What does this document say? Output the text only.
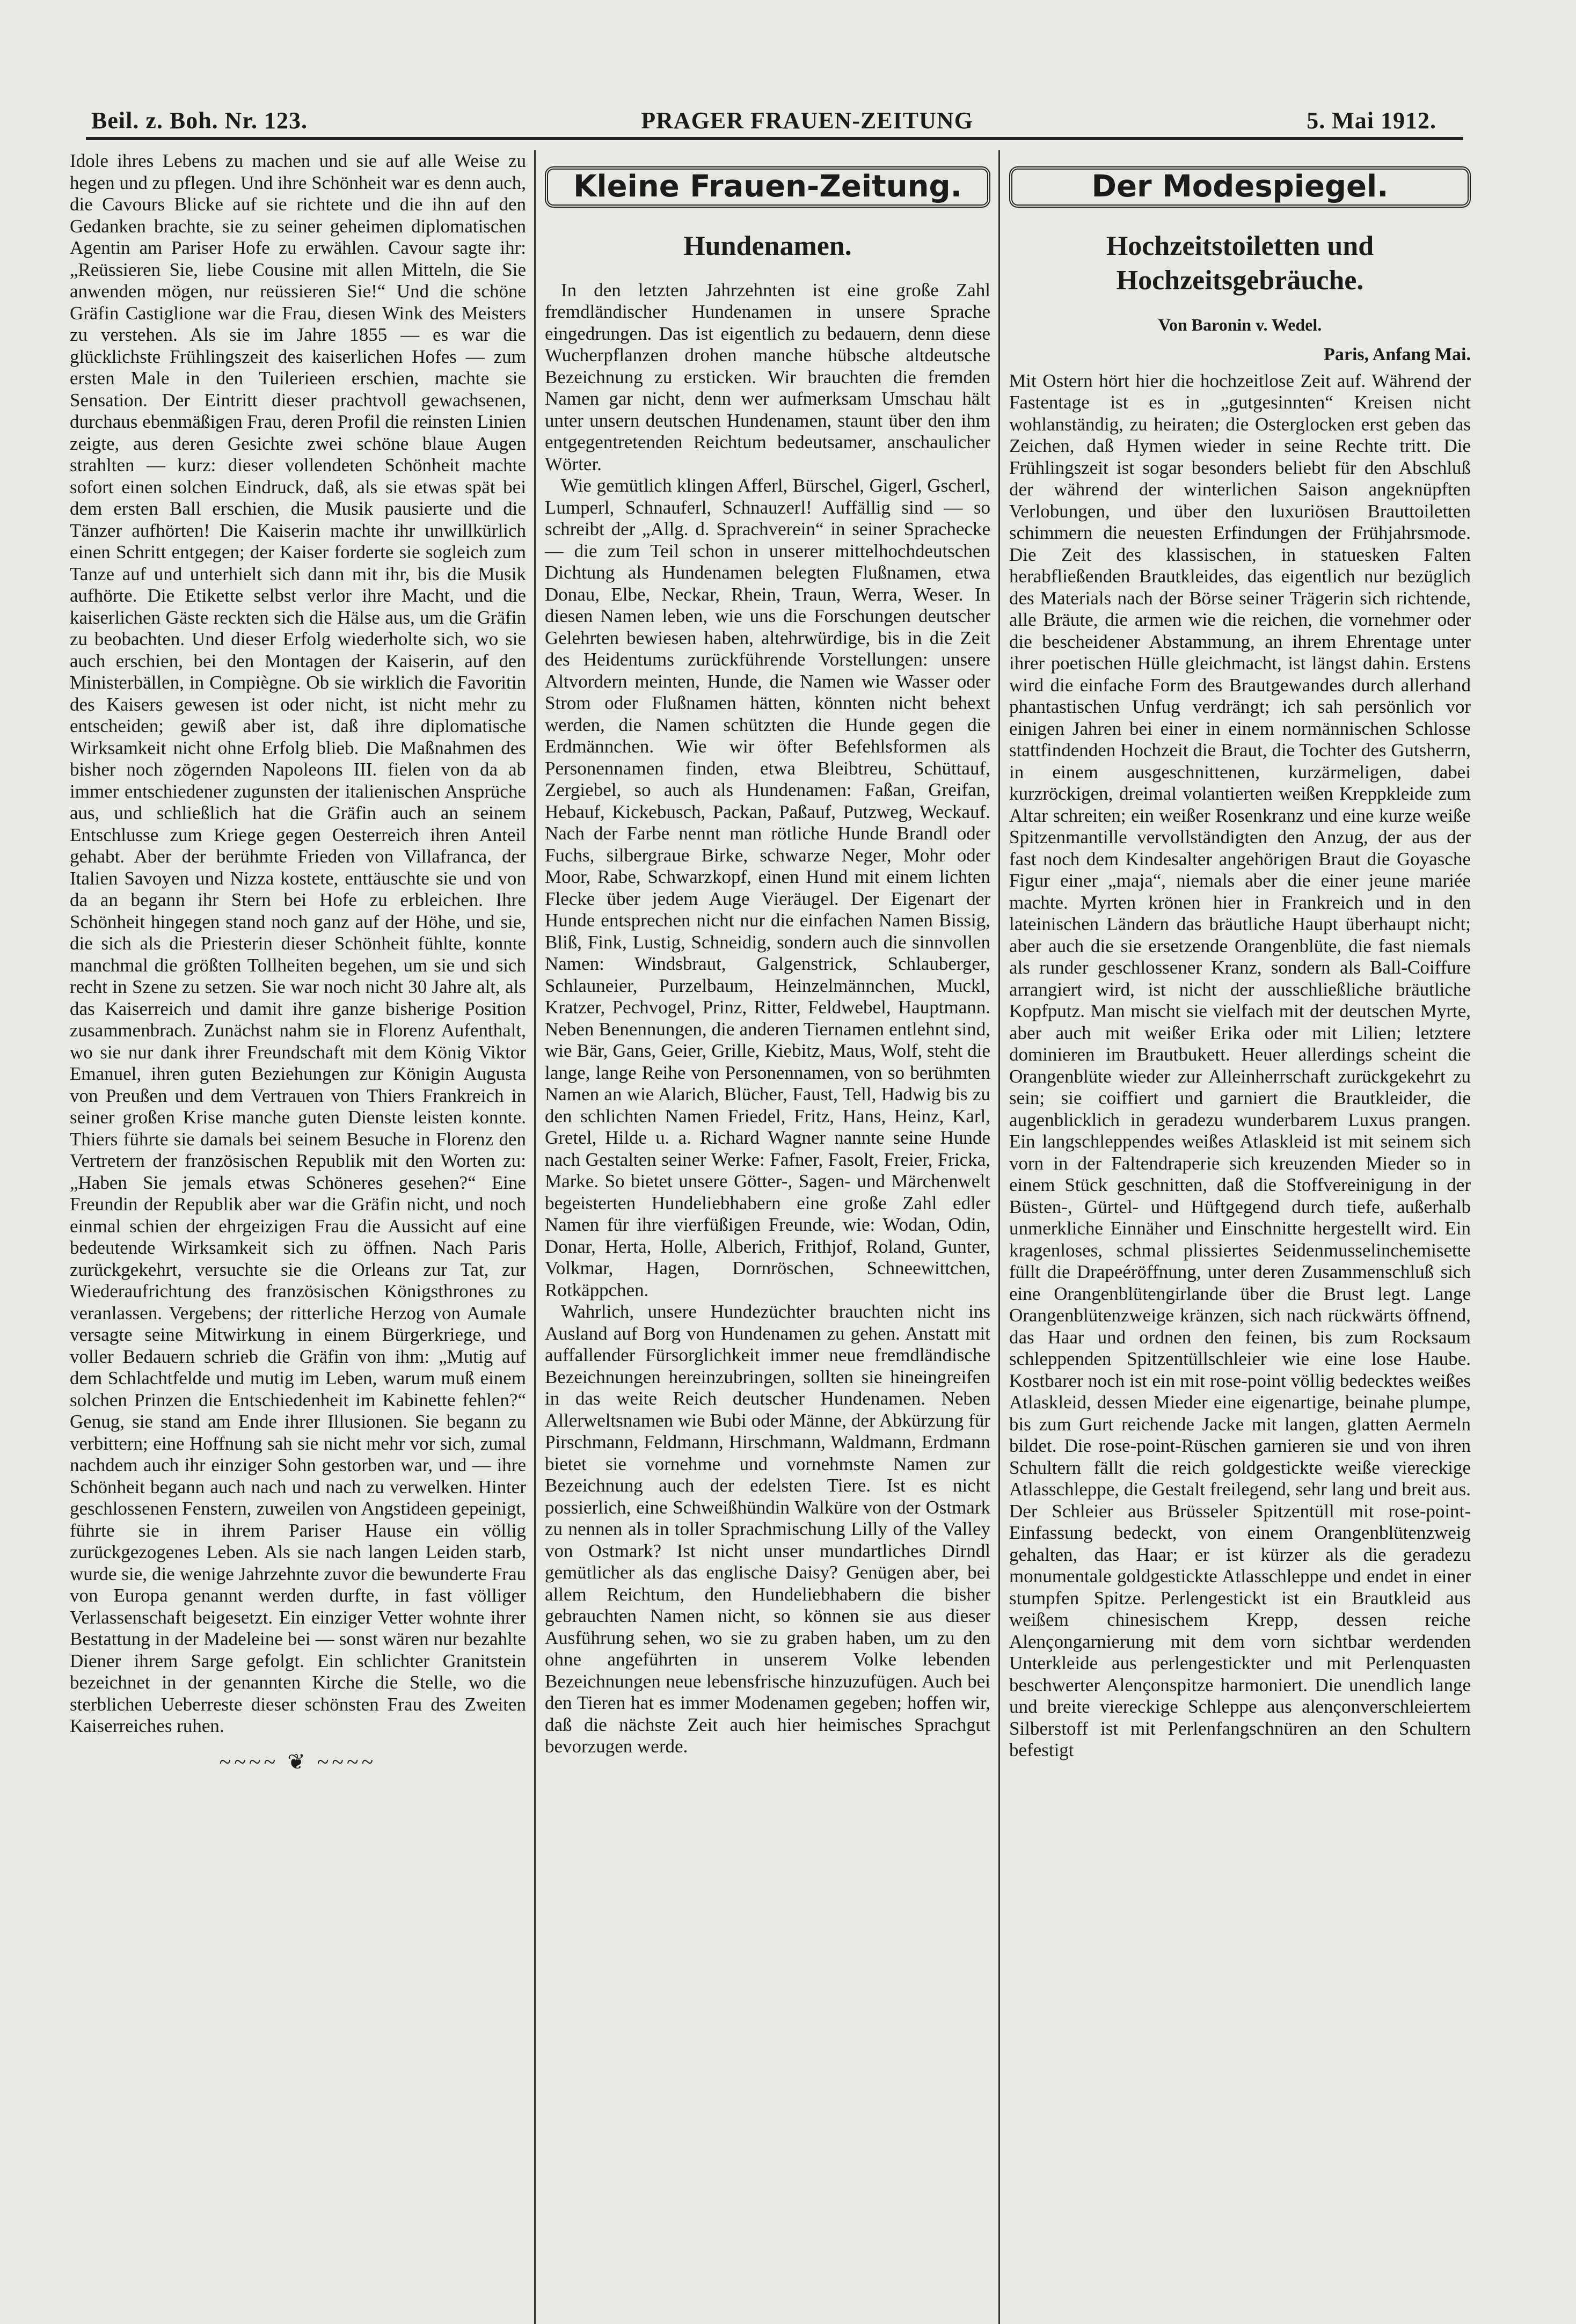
Beil. z. Boh. Nr. 123.	PRAGER FRAUEN-ZEITUNG	5. Mai 1912.

Idole ihres Lebens zu machen und sie auf alle Weise zu hegen und zu pflegen. Und ihre Schönheit war es denn auch, die Cavours Blicke auf sie richtete und die ihn auf den Gedanken brachte, sie zu seiner geheimen diplomatischen Agentin am Pariser Hofe zu erwählen. Cavour sagte ihr: „Reüssieren Sie, liebe Cousine mit allen Mitteln, die Sie anwenden mögen, nur reüssieren Sie!“ Und die schöne Gräfin Castiglione war die Frau, diesen Wink des Meisters zu verstehen. Als sie im Jahre 1855 — es war die glücklichste Frühlingszeit des kaiserlichen Hofes — zum ersten Male in den Tuilerieen erschien, machte sie Sensation. Der Eintritt dieser prachtvoll gewachsenen, durchaus ebenmäßigen Frau, deren Profil die reinsten Linien zeigte, aus deren Gesichte zwei schöne blaue Augen strahlten — kurz: dieser vollendeten Schönheit machte sofort einen solchen Eindruck, daß, als sie etwas spät bei dem ersten Ball erschien, die Musik pausierte und die Tänzer aufhörten! Die Kaiserin machte ihr unwillkürlich einen Schritt entgegen; der Kaiser forderte sie sogleich zum Tanze auf und unterhielt sich dann mit ihr, bis die Musik aufhörte. Die Etikette selbst verlor ihre Macht, und die kaiserlichen Gäste reckten sich die Hälse aus, um die Gräfin zu beobachten. Und dieser Erfolg wiederholte sich, wo sie auch erschien, bei den Montagen der Kaiserin, auf den Ministerbällen, in Compiègne. Ob sie wirklich die Favoritin des Kaisers gewesen ist oder nicht, ist nicht mehr zu entscheiden; gewiß aber ist, daß ihre diplomatische Wirksamkeit nicht ohne Erfolg blieb. Die Maßnahmen des bisher noch zögernden Napoleons III. fielen von da ab immer entschiedener zugunsten der italienischen Ansprüche aus, und schließlich hat die Gräfin auch an seinem Entschlusse zum Kriege gegen Oesterreich ihren Anteil gehabt. Aber der berühmte Frieden von Villafranca, der Italien Savoyen und Nizza kostete, enttäuschte sie und von da an begann ihr Stern bei Hofe zu erbleichen. Ihre Schönheit hingegen stand noch ganz auf der Höhe, und sie, die sich als die Priesterin dieser Schönheit fühlte, konnte manchmal die größten Tollheiten begehen, um sie und sich recht in Szene zu setzen. Sie war noch nicht 30 Jahre alt, als das Kaiserreich und damit ihre ganze bisherige Position zusammenbrach. Zunächst nahm sie in Florenz Aufenthalt, wo sie nur dank ihrer Freundschaft mit dem König Viktor Emanuel, ihren guten Beziehungen zur Königin Augusta von Preußen und dem Vertrauen von Thiers Frankreich in seiner großen Krise manche guten Dienste leisten konnte. Thiers führte sie damals bei seinem Besuche in Florenz den Vertretern der französischen Republik mit den Worten zu: „Haben Sie jemals etwas Schöneres gesehen?“ Eine Freundin der Republik aber war die Gräfin nicht, und noch einmal schien der ehrgeizigen Frau die Aussicht auf eine bedeutende Wirksamkeit sich zu öffnen. Nach Paris zurückgekehrt, versuchte sie die Orleans zur Tat, zur Wiederaufrichtung des französischen Königsthrones zu veranlassen. Vergebens; der ritterliche Herzog von Aumale versagte seine Mitwirkung in einem Bürgerkriege, und voller Bedauern schrieb die Gräfin von ihm: „Mutig auf dem Schlachtfelde und mutig im Leben, warum muß einem solchen Prinzen die Entschiedenheit im Kabinette fehlen?“ Genug, sie stand am Ende ihrer Illusionen. Sie begann zu verbittern; eine Hoffnung sah sie nicht mehr vor sich, zumal nachdem auch ihr einziger Sohn gestorben war, und — ihre Schönheit begann auch nach und nach zu verwelken. Hinter geschlossenen Fenstern, zuweilen von Angstideen gepeinigt, führte sie in ihrem Pariser Hause ein völlig zurückgezogenes Leben. Als sie nach langen Leiden starb, wurde sie, die wenige Jahrzehnte zuvor die bewunderte Frau von Europa genannt werden durfte, in fast völliger Verlassenschaft beigesetzt. Ein einziger Vetter wohnte ihrer Bestattung in der Madeleine bei — sonst wären nur bezahlte Diener ihrem Sarge gefolgt. Ein schlichter Granitstein bezeichnet in der genannten Kirche die Stelle, wo die sterblichen Ueberreste dieser schönsten Frau des Zweiten Kaiserreiches ruhen.

~~~~ ❦ ~~~~
Kleine Frauen-Zeitung.
Hundenamen.

In den letzten Jahrzehnten ist eine große Zahl fremdländischer Hundenamen in unsere Sprache eingedrungen. Das ist eigentlich zu bedauern, denn diese Wucherpflanzen drohen manche hübsche altdeutsche Bezeichnung zu ersticken. Wir brauchten die fremden Namen gar nicht, denn wer aufmerksam Umschau hält unter unsern deutschen Hundenamen, staunt über den ihm entgegentretenden Reichtum bedeutsamer, anschaulicher Wörter.

Wie gemütlich klingen Afferl, Bürschel, Gigerl, Gscherl, Lumperl, Schnauferl, Schnauzerl! Auffällig sind — so schreibt der „Allg. d. Sprachverein“ in seiner Sprachecke — die zum Teil schon in unserer mittelhochdeutschen Dichtung als Hundenamen belegten Flußnamen, etwa Donau, Elbe, Neckar, Rhein, Traun, Werra, Weser. In diesen Namen leben, wie uns die Forschungen deutscher Gelehrten bewiesen haben, altehrwürdige, bis in die Zeit des Heidentums zurückführende Vorstellungen: unsere Altvordern meinten, Hunde, die Namen wie Wasser oder Strom oder Flußnamen hätten, könnten nicht behext werden, die Namen schützten die Hunde gegen die Erdmännchen. Wie wir öfter Befehlsformen als Personennamen finden, etwa Bleibtreu, Schüttauf, Zergiebel, so auch als Hundenamen: Faßan, Greifan, Hebauf, Kickebusch, Packan, Paßauf, Putzweg, Weckauf. Nach der Farbe nennt man rötliche Hunde Brandl oder Fuchs, silbergraue Birke, schwarze Neger, Mohr oder Moor, Rabe, Schwarzkopf, einen Hund mit einem lichten Flecke über jedem Auge Vieräugel. Der Eigenart der Hunde entsprechen nicht nur die einfachen Namen Bissig, Bliß, Fink, Lustig, Schneidig, sondern auch die sinnvollen Namen: Windsbraut, Galgenstrick, Schlauberger, Schlauneier, Purzelbaum, Heinzelmännchen, Muckl, Kratzer, Pechvogel, Prinz, Ritter, Feldwebel, Hauptmann. Neben Benennungen, die anderen Tiernamen entlehnt sind, wie Bär, Gans, Geier, Grille, Kiebitz, Maus, Wolf, steht die lange, lange Reihe von Personennamen, von so berühmten Namen an wie Alarich, Blücher, Faust, Tell, Hadwig bis zu den schlichten Namen Friedel, Fritz, Hans, Heinz, Karl, Gretel, Hilde u. a. Richard Wagner nannte seine Hunde nach Gestalten seiner Werke: Fafner, Fasolt, Freier, Fricka, Marke. So bietet unsere Götter-, Sagen- und Märchenwelt begeisterten Hundeliebhabern eine große Zahl edler Namen für ihre vierfüßigen Freunde, wie: Wodan, Odin, Donar, Herta, Holle, Alberich, Frithjof, Roland, Gunter, Volkmar, Hagen, Dornröschen, Schneewittchen, Rotkäppchen.

Wahrlich, unsere Hundezüchter brauchten nicht ins Ausland auf Borg von Hundenamen zu gehen. Anstatt mit auffallender Fürsorglichkeit immer neue fremdländische Bezeichnungen hereinzubringen, sollten sie hineingreifen in das weite Reich deutscher Hundenamen. Neben Allerweltsnamen wie Bubi oder Männe, der Abkürzung für Pirschmann, Feldmann, Hirschmann, Waldmann, Erdmann bietet sie vornehme und vornehmste Namen zur Bezeichnung auch der edelsten Tiere. Ist es nicht possierlich, eine Schweißhündin Walküre von der Ostmark zu nennen als in toller Sprachmischung Lilly of the Valley von Ostmark? Ist nicht unser mundartliches Dirndl gemütlicher als das englische Daisy? Genügen aber, bei allem Reichtum, den Hundeliebhabern die bisher gebrauchten Namen nicht, so können sie aus dieser Ausführung sehen, wo sie zu graben haben, um zu den ohne angeführten in unserem Volke lebenden Bezeichnungen neue lebensfrische hinzuzufügen. Auch bei den Tieren hat es immer Modenamen gegeben; hoffen wir, daß die nächste Zeit auch hier heimisches Sprachgut bevorzugen werde.

Der Modespiegel.
Hochzeitstoiletten und Hochzeitsgebräuche.
Von Baronin v. Wedel.
Paris, Anfang Mai.

Mit Ostern hört hier die hochzeitlose Zeit auf. Während der Fastentage ist es in „gutgesinnten“ Kreisen nicht wohlanständig, zu heiraten; die Osterglocken erst geben das Zeichen, daß Hymen wieder in seine Rechte tritt. Die Frühlingszeit ist sogar besonders beliebt für den Abschluß der während der winterlichen Saison angeknüpften Verlobungen, und über den luxuriösen Brauttoiletten schimmern die neuesten Erfindungen der Frühjahrsmode. Die Zeit des klassischen, in statuesken Falten herabfließenden Brautkleides, das eigentlich nur bezüglich des Materials nach der Börse seiner Trägerin sich richtende, alle Bräute, die armen wie die reichen, die vornehmer oder die bescheidener Abstammung, an ihrem Ehrentage unter ihrer poetischen Hülle gleichmacht, ist längst dahin. Erstens wird die einfache Form des Brautgewandes durch allerhand phantastischen Unfug verdrängt; ich sah persönlich vor einigen Jahren bei einer in einem normännischen Schlosse stattfindenden Hochzeit die Braut, die Tochter des Gutsherrn, in einem ausgeschnittenen, kurzärmeligen, dabei kurzröckigen, dreimal volantierten weißen Kreppkleide zum Altar schreiten; ein weißer Rosenkranz und eine kurze weiße Spitzenmantille vervollständigten den Anzug, der aus der fast noch dem Kindesalter angehörigen Braut die Goyasche Figur einer „maja“, niemals aber die einer jeune mariée machte. Myrten krönen hier in Frankreich und in den lateinischen Ländern das bräutliche Haupt überhaupt nicht; aber auch die sie ersetzende Orangenblüte, die fast niemals als runder geschlossener Kranz, sondern als Ball-Coiffure arrangiert wird, ist nicht der ausschließliche bräutliche Kopfputz. Man mischt sie vielfach mit der deutschen Myrte, aber auch mit weißer Erika oder mit Lilien; letztere dominieren im Brautbukett. Heuer allerdings scheint die Orangenblüte wieder zur Alleinherrschaft zurückgekehrt zu sein; sie coiffiert und garniert die Brautkleider, die augenblicklich in geradezu wunderbarem Luxus prangen. Ein langschleppendes weißes Atlaskleid ist mit seinem sich vorn in der Faltendraperie sich kreuzenden Mieder so in einem Stück geschnitten, daß die Stoffvereinigung in der Büsten-, Gürtel- und Hüftgegend durch tiefe, außerhalb unmerkliche Einnäher und Einschnitte hergestellt wird. Ein kragenloses, schmal plissiertes Seidenmusselinchemisette füllt die Drapeéröffnung, unter deren Zusammenschluß sich eine Orangenblütengirlande über die Brust legt. Lange Orangenblütenzweige kränzen, sich nach rückwärts öffnend, das Haar und ordnen den feinen, bis zum Rocksaum schleppenden Spitzentüllschleier wie eine lose Haube. Kostbarer noch ist ein mit rose-point völlig bedecktes weißes Atlaskleid, dessen Mieder eine eigenartige, beinahe plumpe, bis zum Gurt reichende Jacke mit langen, glatten Aermeln bildet. Die rose-point-Rüschen garnieren sie und von ihren Schultern fällt die reich goldgestickte weiße viereckige Atlasschleppe, die Gestalt freilegend, sehr lang und breit aus. Der Schleier aus Brüsseler Spitzentüll mit rose-point-Einfassung bedeckt, von einem Orangenblütenzweig gehalten, das Haar; er ist kürzer als die geradezu monumentale goldgestickte Atlasschleppe und endet in einer stumpfen Spitze. Perlengestickt ist ein Brautkleid aus weißem chinesischem Krepp, dessen reiche Alençongarnierung mit dem vorn sichtbar werdenden Unterkleide aus perlengestickter und mit Perlenquasten beschwerter Alençonspitze harmoniert. Die unendlich lange und breite viereckige Schleppe aus alençonverschleiertem Silberstoff ist mit Perlenfangschnüren an den Schultern befestigt
